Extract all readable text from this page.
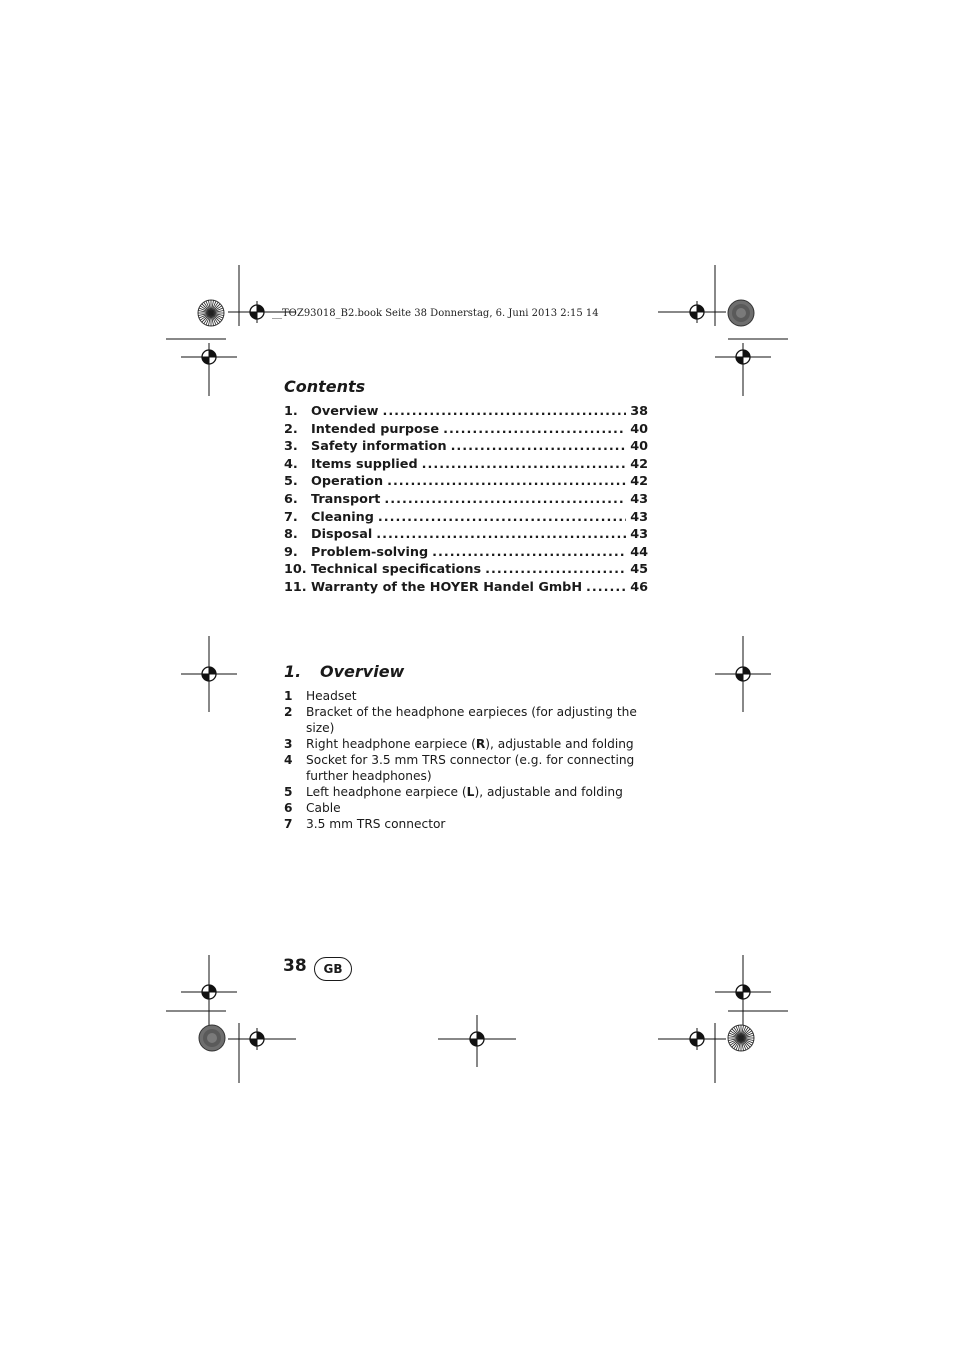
__TOZ93018_B2.book Seite 38 Donnerstag, 6. Juni 2013 2:15 14
Contents
1.	Overview .....	38
2.	Intended purpose .....	40
3.	Safety information .....	40
4.	Items supplied .....	42
5.	Operation .....	42
6.	Transport .....	43
7.	Cleaning .....	43
8.	Disposal .....	43
9.	Problem-solving .....	44
10. Technical specifications .....	45
11. Warranty of the HOYER Handel GmbH .....	46
1. Overview
1	Headset
2	Bracket of the headphone earpieces (for adjusting the size)
3	Right headphone earpiece (R), adjustable and folding
4	Socket for 3.5 mm TRS connector (e.g. for connecting further headphones)
5	Left headphone earpiece (L), adjustable and folding
6	Cable
7	3.5 mm TRS connector
38	GB
